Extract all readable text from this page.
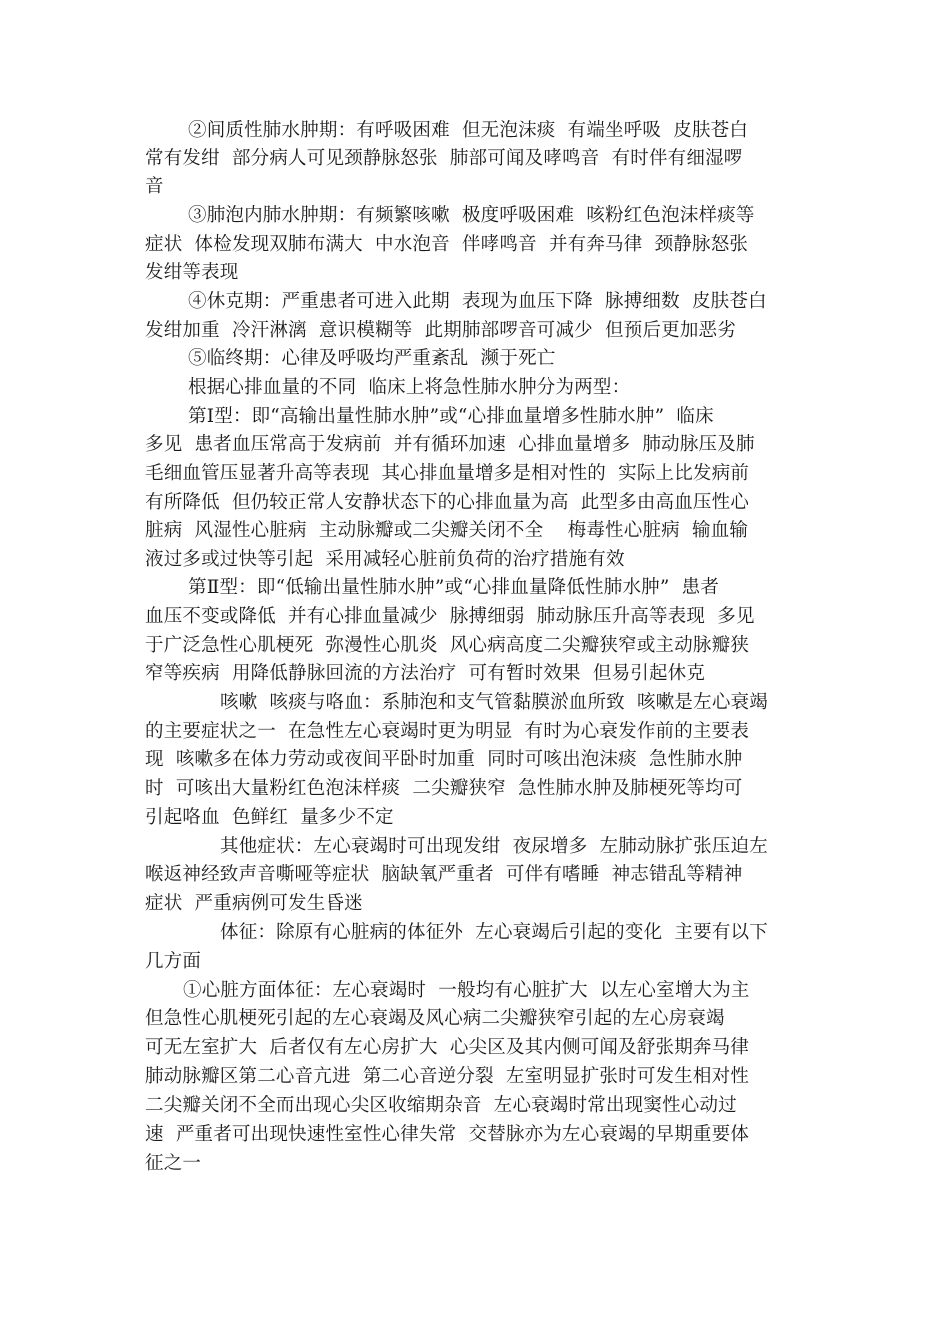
②间质性肺水肿期：有呼吸困难  但无泡沫痰  有端坐呼吸  皮肤苍白
常有发绀  部分病人可见颈静脉怒张  肺部可闻及哮鸣音  有时伴有细湿啰
音
③肺泡内肺水肿期：有频繁咳嗽  极度呼吸困难  咳粉红色泡沫样痰等
症状  体检发现双肺布满大  中水泡音  伴哮鸣音  并有奔马律  颈静脉怒张
发绀等表现
④休克期：严重患者可进入此期  表现为血压下降  脉搏细数  皮肤苍白
发绀加重  冷汗淋漓  意识模糊等  此期肺部啰音可减少  但预后更加恶劣
⑤临终期：心律及呼吸均严重紊乱  濒于死亡
根据心排血量的不同  临床上将急性肺水肿分为两型：
第Ⅰ型：即“高输出量性肺水肿”或“心排血量增多性肺水肿”  临床
多见  患者血压常高于发病前  并有循环加速  心排血量增多  肺动脉压及肺
毛细血管压显著升高等表现  其心排血量增多是相对性的  实际上比发病前
有所降低  但仍较正常人安静状态下的心排血量为高  此型多由高血压性心
脏病  风湿性心脏病  主动脉瓣或二尖瓣关闭不全    梅毒性心脏病  输血输
液过多或过快等引起  采用减轻心脏前负荷的治疗措施有效
第Ⅱ型：即“低输出量性肺水肿”或“心排血量降低性肺水肿”  患者
血压不变或降低  并有心排血量减少  脉搏细弱  肺动脉压升高等表现  多见
于广泛急性心肌梗死  弥漫性心肌炎  风心病高度二尖瓣狭窄或主动脉瓣狭
窄等疾病  用降低静脉回流的方法治疗  可有暂时效果  但易引起休克
咳嗽  咳痰与咯血：系肺泡和支气管黏膜淤血所致  咳嗽是左心衰竭
的主要症状之一  在急性左心衰竭时更为明显  有时为心衰发作前的主要表
现  咳嗽多在体力劳动或夜间平卧时加重  同时可咳出泡沫痰  急性肺水肿
时  可咳出大量粉红色泡沫样痰  二尖瓣狭窄  急性肺水肿及肺梗死等均可
引起咯血  色鲜红  量多少不定
其他症状：左心衰竭时可出现发绀  夜尿增多  左肺动脉扩张压迫左
喉返神经致声音嘶哑等症状  脑缺氧严重者  可伴有嗜睡  神志错乱等精神
症状  严重病例可发生昏迷
体征：除原有心脏病的体征外  左心衰竭后引起的变化  主要有以下
几方面
①心脏方面体征：左心衰竭时  一般均有心脏扩大  以左心室增大为主
但急性心肌梗死引起的左心衰竭及风心病二尖瓣狭窄引起的左心房衰竭
可无左室扩大  后者仅有左心房扩大  心尖区及其内侧可闻及舒张期奔马律
肺动脉瓣区第二心音亢进  第二心音逆分裂  左室明显扩张时可发生相对性
二尖瓣关闭不全而出现心尖区收缩期杂音  左心衰竭时常出现窦性心动过
速  严重者可出现快速性室性心律失常  交替脉亦为左心衰竭的早期重要体
征之一
